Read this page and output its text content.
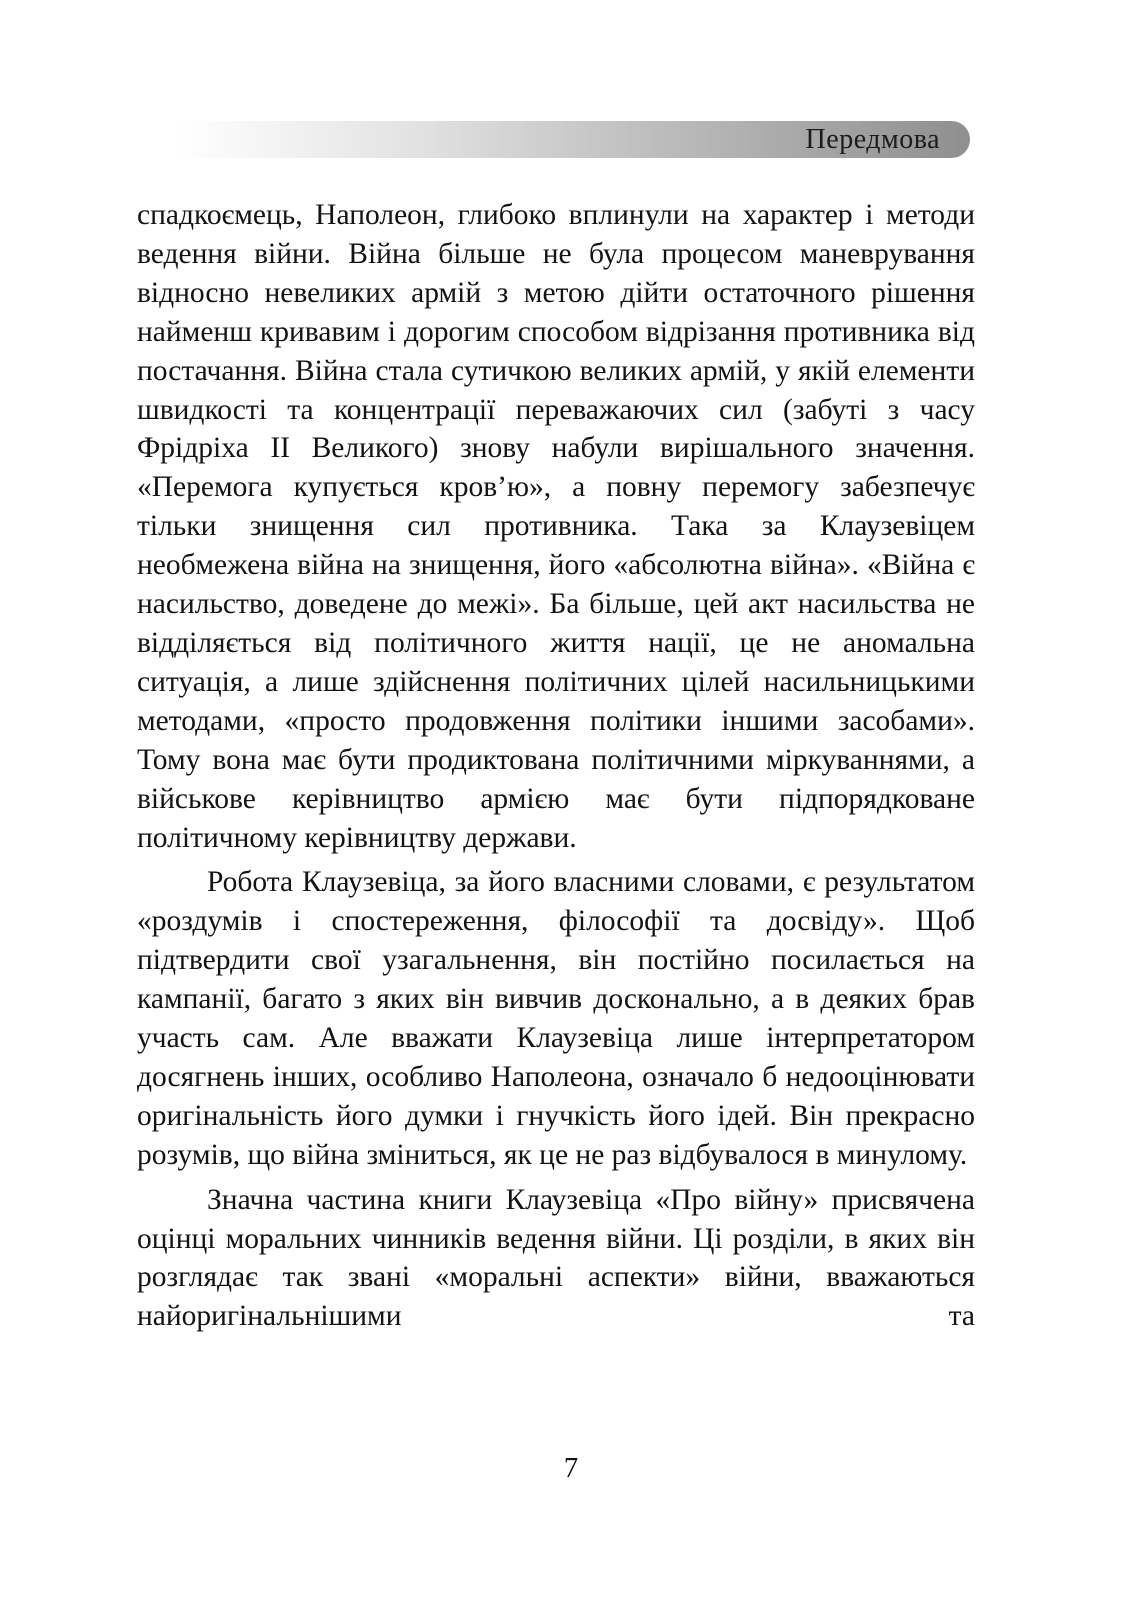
Передмова

спадкоємець, Наполеон, глибоко вплинули на характер і методи ведення війни. Війна більше не була процесом маневрування відносно невеликих армій з метою дійти остаточного рішення найменш кривавим і дорогим способом відрізання противника від постачання. Війна стала сутичкою великих армій, у якій елементи швидкості та концентрації переважаючих сил (забуті з часу Фрідріха II Великого) знову набули вирішального значення. «Перемога купується кров’ю», а повну перемогу забезпечує тільки знищення сил противника. Така за Клаузевіцем необмежена війна на знищення, його «абсолютна війна». «Війна є насильство, доведене до межі». Ба більше, цей акт насильства не відділяється від політичного життя нації, це не аномальна ситуація, а лише здійснення політичних цілей насильницькими методами, «просто продовження політики іншими засобами». Тому вона має бути продиктована політичними міркуваннями, а військове керівництво армією має бути підпорядковане політичному керівництву держави.

Робота Клаузевіца, за його власними словами, є результатом «роздумів і спостереження, філософії та досвіду». Щоб підтвердити свої узагальнення, він постійно посилається на кампанії, багато з яких він вивчив досконально, а в деяких брав участь сам. Але вважати Клаузевіца лише інтерпретатором досягнень інших, особливо Наполеона, означало б недооцінювати оригінальність його думки і гнучкість його ідей. Він прекрасно розумів, що війна зміниться, як це не раз відбувалося в минулому.

Значна частина книги Клаузевіца «Про війну» присвячена оцінці моральних чинників ведення війни. Ці розділи, в яких він розглядає так звані «моральні аспекти» війни, вважаються найоригінальнішими та

7
